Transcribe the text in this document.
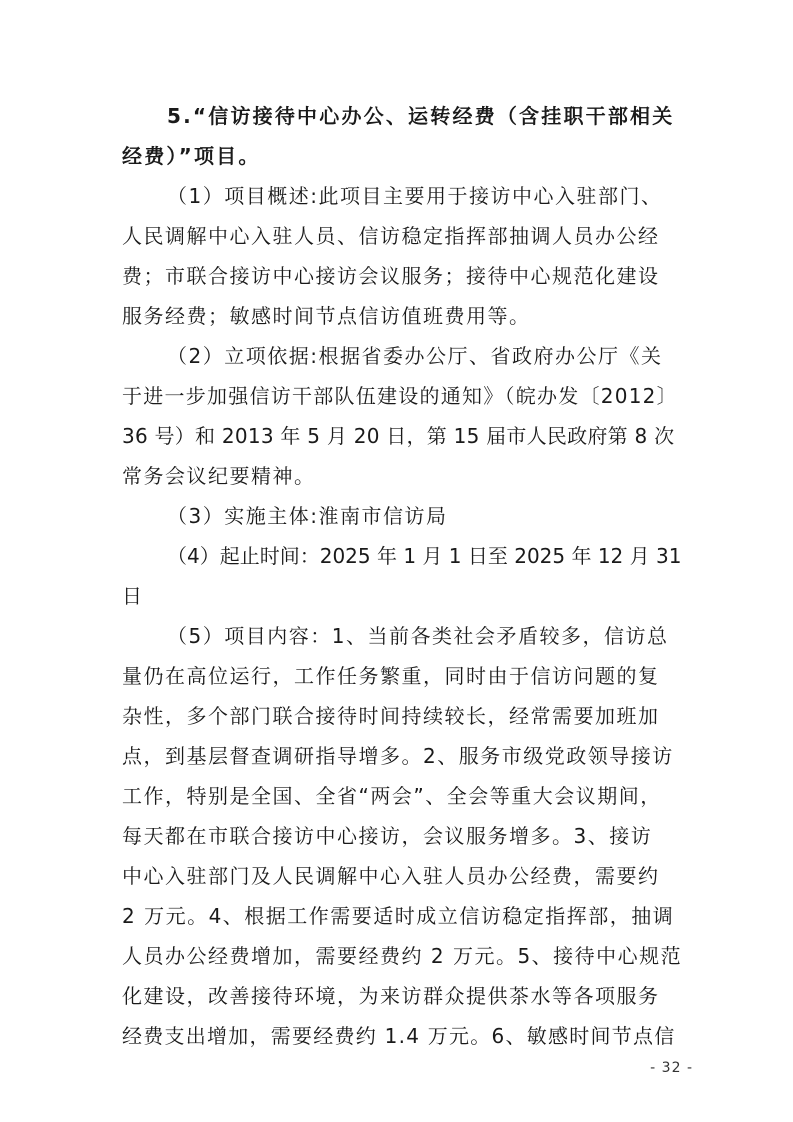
5.“信访接待中心办公、运转经费（含挂职干部相关
经费）”项目。
（1）项目概述:此项目主要用于接访中心入驻部门、
人民调解中心入驻人员、信访稳定指挥部抽调人员办公经
费；市联合接访中心接访会议服务；接待中心规范化建设
服务经费；敏感时间节点信访值班费用等。
（2）立项依据:根据省委办公厅、省政府办公厅《关
于进一步加强信访干部队伍建设的通知》（皖办发〔2012〕
36 号）和 2013 年 5 月 20 日，第 15 届市人民政府第 8 次
常务会议纪要精神。
（3）实施主体:淮南市信访局
（4）起止时间：2025 年 1 月 1 日至 2025 年 12 月 31
日
（5）项目内容：1、当前各类社会矛盾较多，信访总
量仍在高位运行，工作任务繁重，同时由于信访问题的复
杂性，多个部门联合接待时间持续较长，经常需要加班加
点，到基层督查调研指导增多。2、服务市级党政领导接访
工作，特别是全国、全省“两会”、全会等重大会议期间，
每天都在市联合接访中心接访，会议服务增多。3、接访
中心入驻部门及人民调解中心入驻人员办公经费，需要约
2 万元。4、根据工作需要适时成立信访稳定指挥部，抽调
人员办公经费增加，需要经费约 2 万元。5、接待中心规范
化建设，改善接待环境，为来访群众提供茶水等各项服务
经费支出增加，需要经费约 1.4 万元。6、敏感时间节点信
- 32 -
